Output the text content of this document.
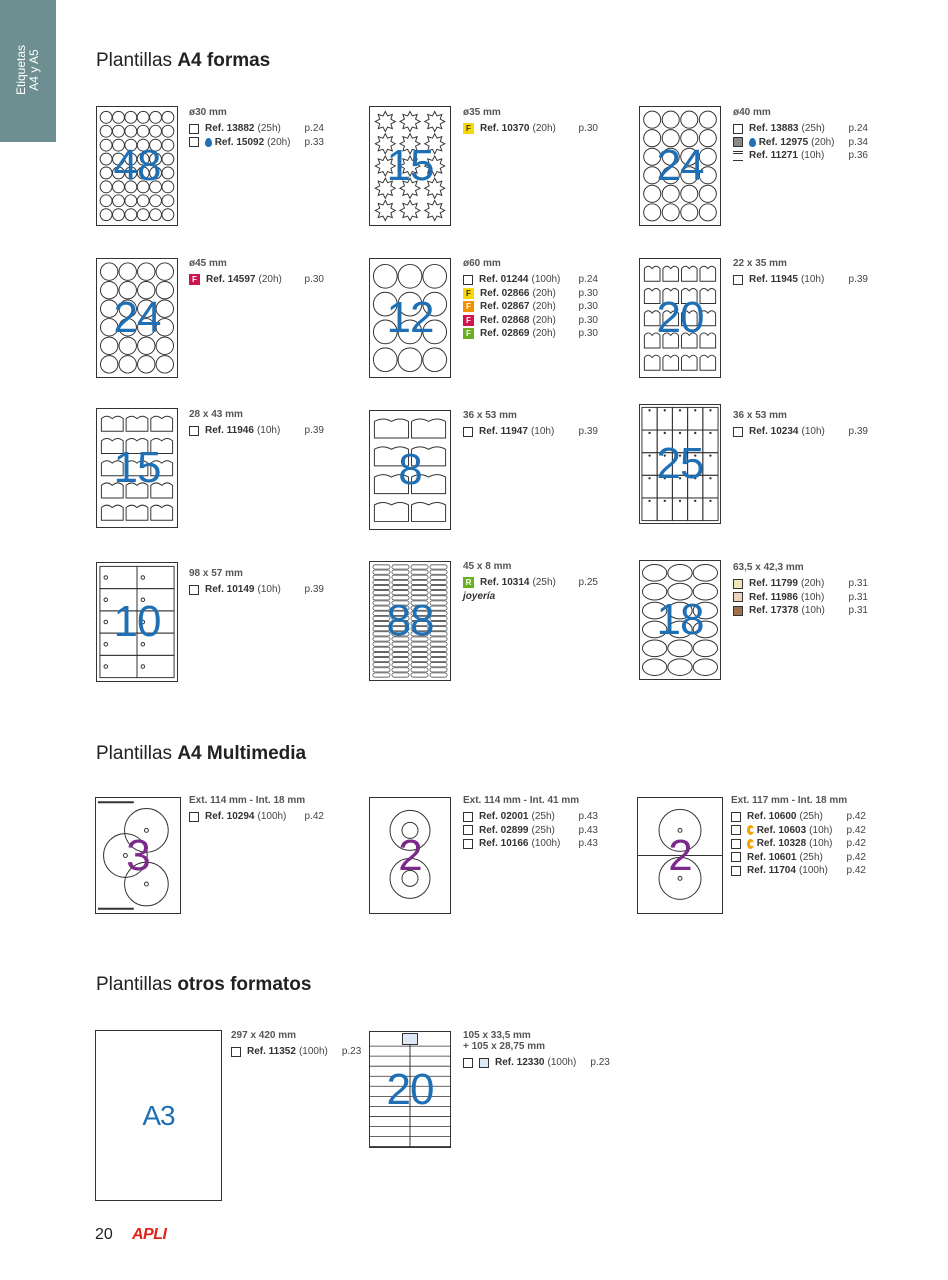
Etiquetas A4 y A5	Plantillas A4 formas
Plantillas A4 Multimedia
Plantillas otros formatos
48
ø30 mm
Ref. 13882 (25h)	p.24
Ref. 15092 (20h)	p.33	15
ø35 mm
F Ref. 10370 (20h)	p.30
24
ø40 mm
Ref. 13883 (25h)	p.24
Ref. 12975 (20h)	p.34
Ref. 11271 (10h)	p.36
24
ø45 mm
F Ref. 14597 (20h)	p.30
12
ø60 mm
Ref. 01244 (100h)	p.24
F Ref. 02866 (20h)	p.30
F Ref. 02867 (20h)	p.30
F Ref. 02868 (20h)	p.30
F Ref. 02869 (20h)	p.30	20
22 x 35 mm
Ref. 11945 (10h)	p.39
15
28 x 43 mm
Ref. 11946 (10h)	p.39
8
36 x 53 mm
Ref. 11947 (10h)	p.39
25
36 x 53 mm
Ref. 10234 (10h)	p.39
10
98 x 57 mm
Ref. 10149 (10h)	p.39
88
45 x 8 mm
R Ref. 10314 (25h)	p.25
joyería	18
63,5 x 42,3 mm
Ref. 11799 (20h)	p.31
Ref. 11986 (10h)	p.31
Ref. 17378 (10h)	p.31
3
Ext. 114 mm - Int. 18 mm
Ref. 10294 (100h)	p.42
2
Ext. 114 mm - Int. 41 mm
Ref. 02001 (25h)	p.43
Ref. 02899 (25h)	p.43
Ref. 10166 (100h)	p.43	2
Ext. 117 mm - Int. 18 mm
Ref. 10600 (25h)	p.42
Ref. 10603 (10h)	p.42
Ref. 10328 (10h)	p.42
Ref. 10601 (25h)	p.42
Ref. 11704 (100h)	p.42
A3
297 x 420 mm
Ref. 11352 (100h)	p.23
20
105 x 33,5 mm
+ 105 x 28,75 mm
Ref. 12330 (100h)	p.23
20 APLI
